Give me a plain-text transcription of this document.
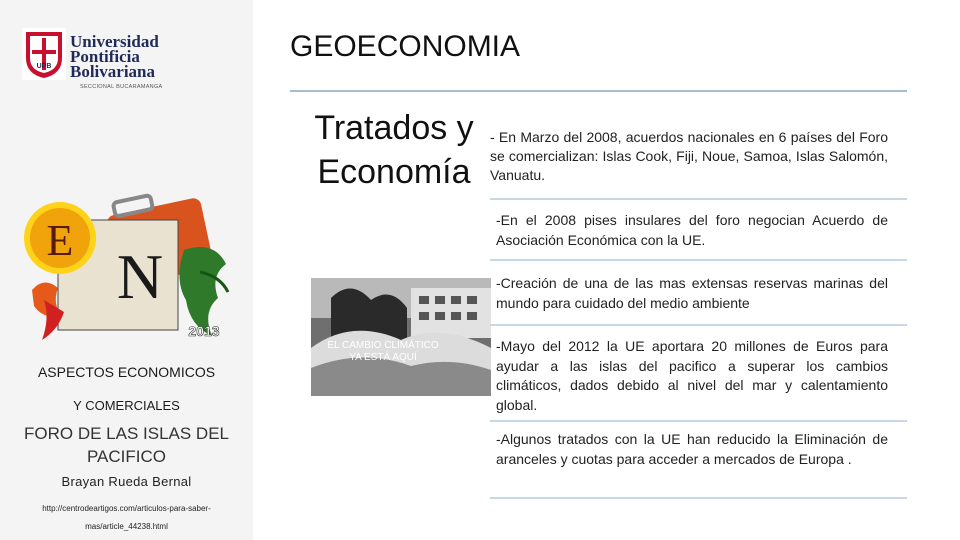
UPB
Universidad
Pontificia
Bolivariana
SECCIONAL BUCARAMANGA
E
N
2013
ASPECTOS ECONOMICOS
Y COMERCIALES
FORO DE LAS ISLAS DEL
PACIFICO
Brayan Rueda Bernal
http://centrodeartigos.com/articulos-para-saber-
mas/article_44238.html
GEOECONOMIA
Tratados y
Economía
EL CAMBIO CLIMÁTICO
YA ESTÁ AQUÍ
- En Marzo del 2008, acuerdos nacionales en 6 países del Foro se comercializan: Islas Cook, Fiji, Noue, Samoa, Islas Salomón, Vanuatu.
-En el 2008 pises insulares del foro negocian Acuerdo de Asociación Económica con la UE.
-Creación de una de las mas extensas reservas marinas del mundo para cuidado del medio ambiente
-Mayo del 2012 la UE aportara 20 millones de Euros para ayudar a las islas del pacifico a superar los cambios climáticos, dados debido al nivel del mar y calentamiento global.
-Algunos tratados con la UE han reducido la Eliminación de aranceles y cuotas para acceder a mercados de Europa .
